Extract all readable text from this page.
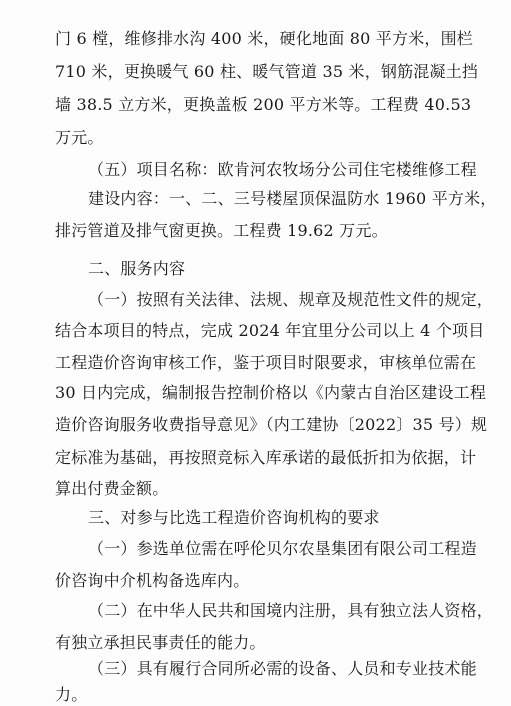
门 6 樘，维修排水沟 400 米，硬化地面 80 平方米，围栏
710 米，更换暖气 60 柱、暖气管道 35 米，钢筋混凝土挡
墙 38.5 立方米，更换盖板 200 平方米等。工程费 40.53
万元。
（五）项目名称：欧肯河农牧场分公司住宅楼维修工程
建设内容：一、二、三号楼屋顶保温防水 1960 平方米，
排污管道及排气窗更换。工程费 19.62 万元。
二、服务内容
（一）按照有关法律、法规、规章及规范性文件的规定，
结合本项目的特点，完成 2024 年宜里分公司以上 4 个项目
工程造价咨询审核工作，鉴于项目时限要求，审核单位需在
30 日内完成，编制报告控制价格以《内蒙古自治区建设工程
造价咨询服务收费指导意见》（内工建协〔2022〕35 号）规
定标准为基础，再按照竞标入库承诺的最低折扣为依据，计
算出付费金额。
三、对参与比选工程造价咨询机构的要求
（一）参选单位需在呼伦贝尔农垦集团有限公司工程造
价咨询中介机构备选库内。
（二）在中华人民共和国境内注册，具有独立法人资格，
有独立承担民事责任的能力。
（三）具有履行合同所必需的设备、人员和专业技术能
力。
